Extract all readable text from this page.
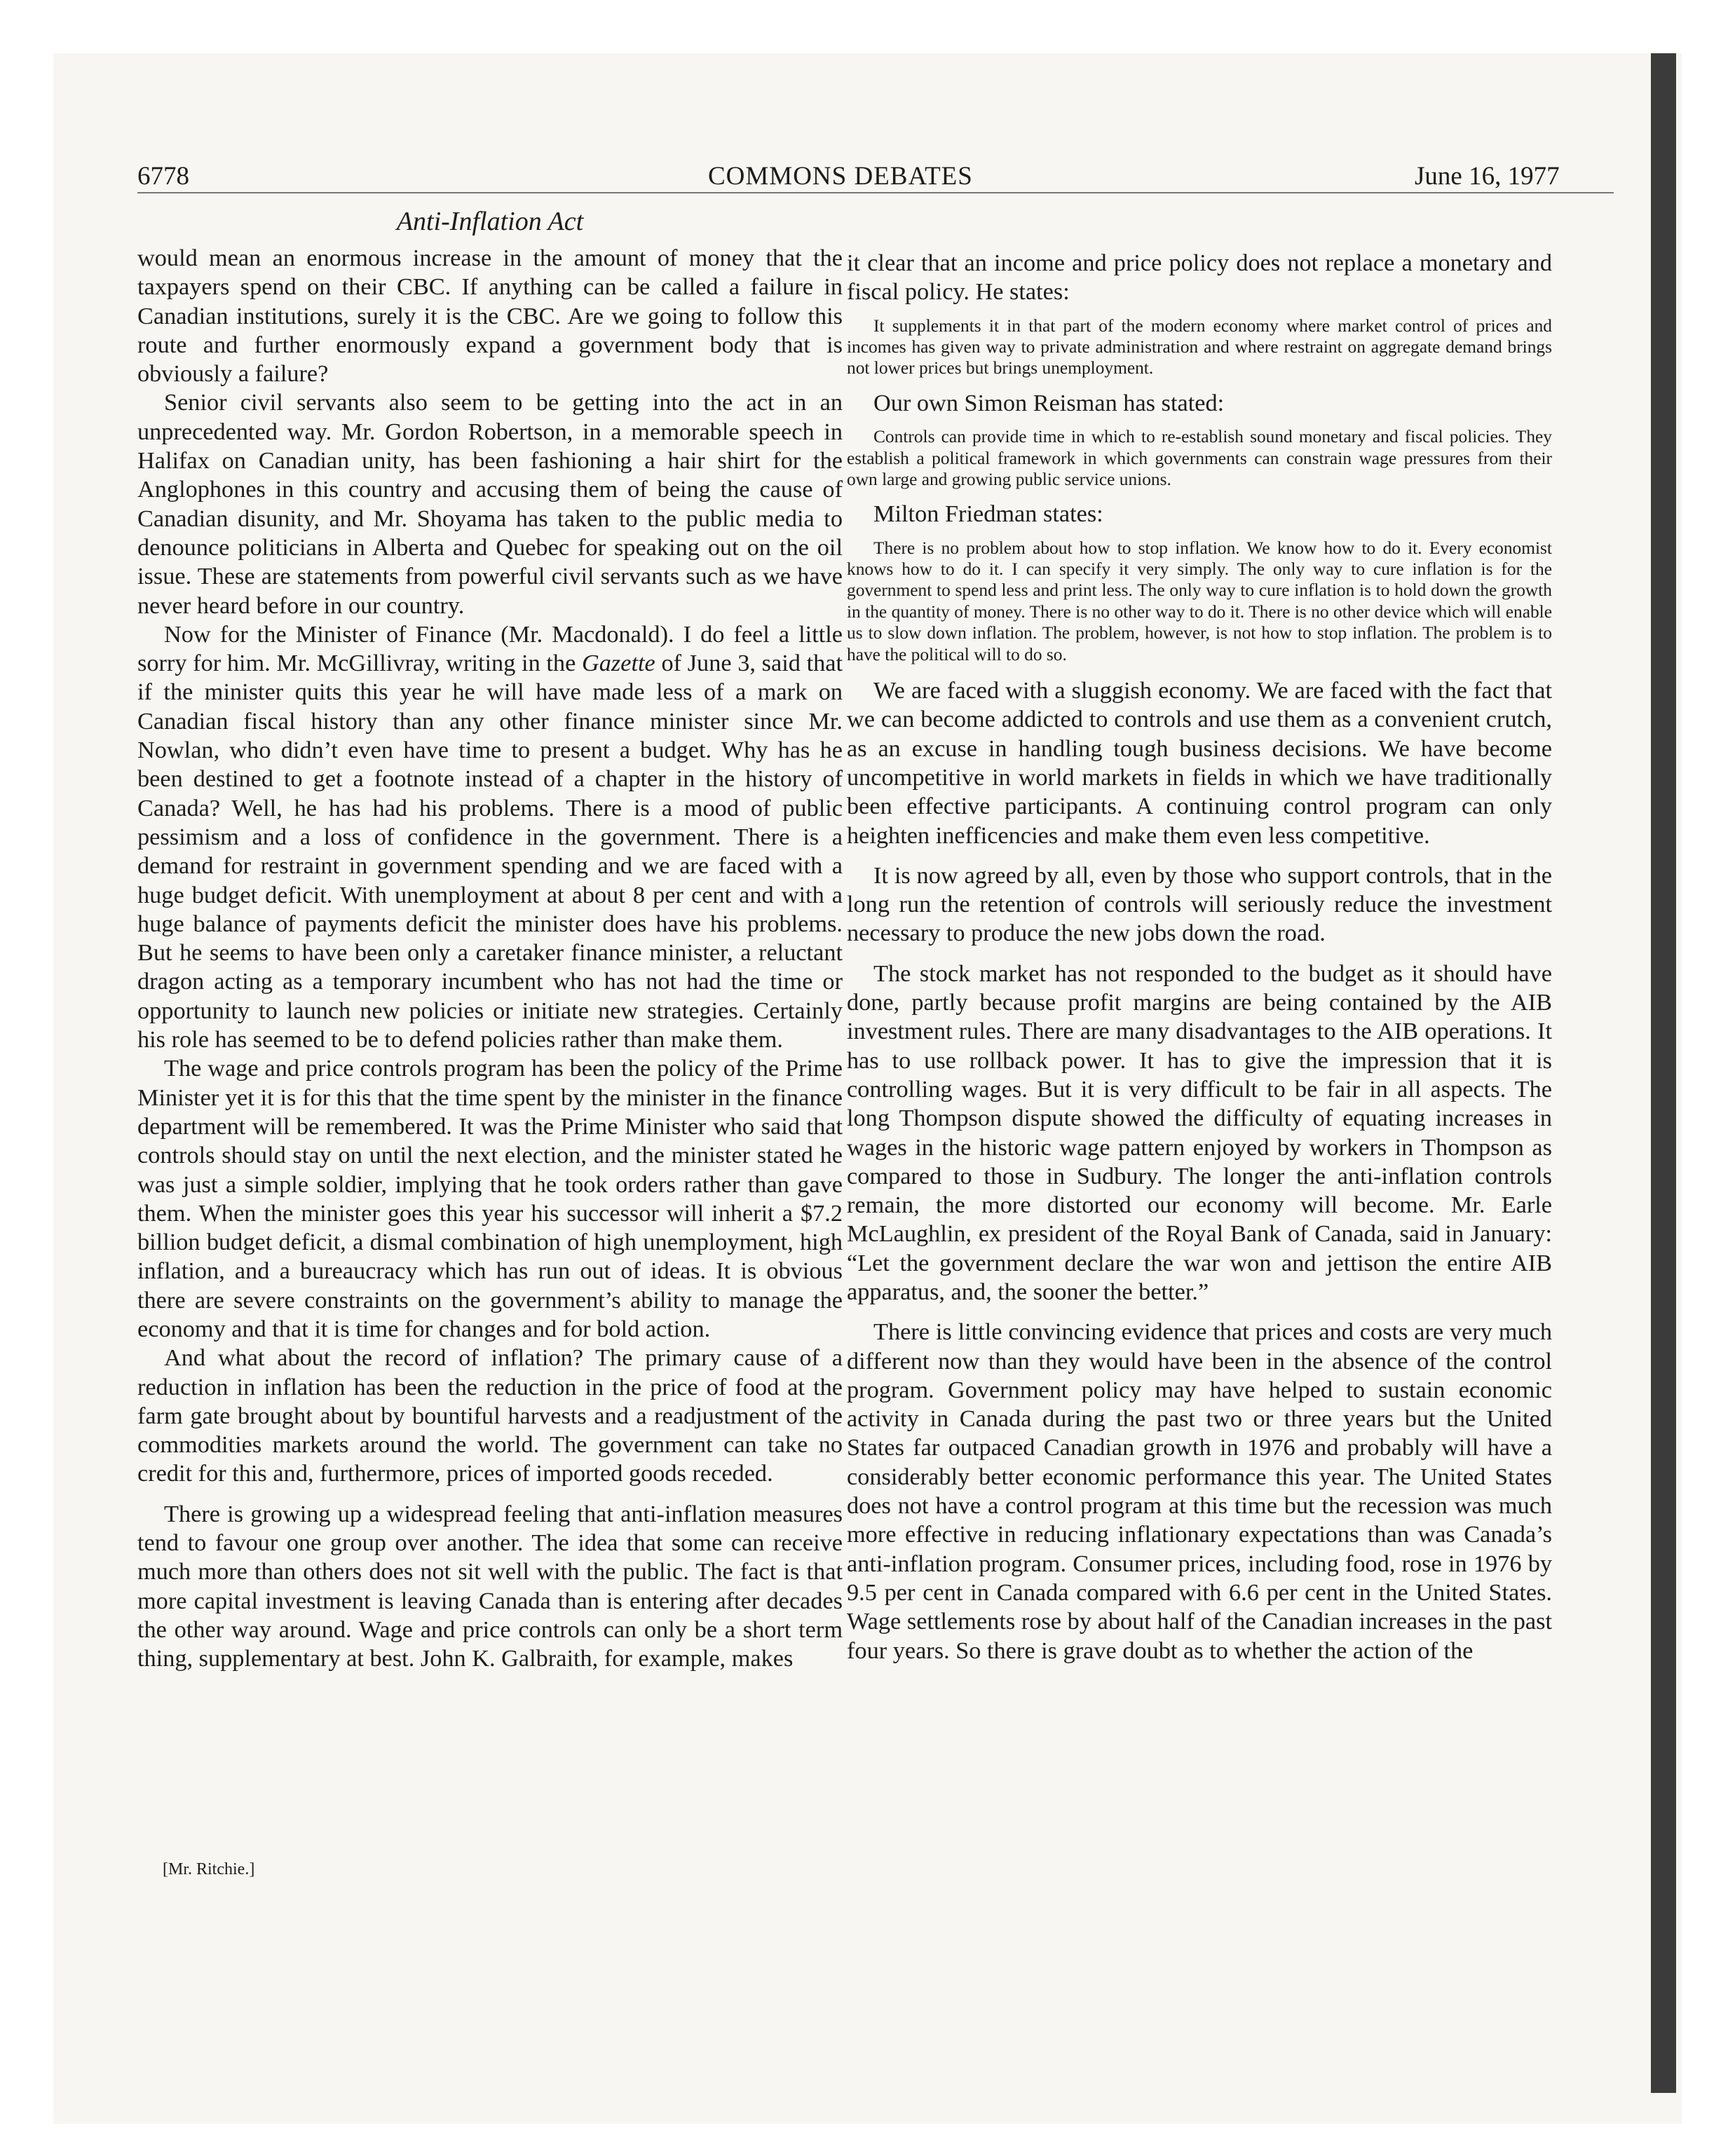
6778	COMMONS DEBATES	June 16, 1977
Anti-Inflation Act

would mean an enormous increase in the amount of money that the taxpayers spend on their CBC. If anything can be called a failure in Canadian institutions, surely it is the CBC. Are we going to follow this route and further enormously expand a government body that is obviously a failure?

Senior civil servants also seem to be getting into the act in an unprecedented way. Mr. Gordon Robertson, in a memorable speech in Halifax on Canadian unity, has been fashioning a hair shirt for the Anglophones in this country and accusing them of being the cause of Canadian disunity, and Mr. Shoyama has taken to the public media to denounce politicians in Alberta and Quebec for speaking out on the oil issue. These are statements from powerful civil servants such as we have never heard before in our country.

Now for the Minister of Finance (Mr. Macdonald). I do feel a little sorry for him. Mr. McGillivray, writing in the Gazette of June 3, said that if the minister quits this year he will have made less of a mark on Canadian fiscal history than any other finance minister since Mr. Nowlan, who didn’t even have time to present a budget. Why has he been destined to get a footnote instead of a chapter in the history of Canada? Well, he has had his problems. There is a mood of public pessimism and a loss of confidence in the government. There is a demand for restraint in government spending and we are faced with a huge budget deficit. With unemployment at about 8 per cent and with a huge balance of payments deficit the minister does have his problems. But he seems to have been only a caretaker finance minister, a reluctant dragon acting as a temporary incumbent who has not had the time or opportunity to launch new policies or initiate new strategies. Certainly his role has seemed to be to defend policies rather than make them.

The wage and price controls program has been the policy of the Prime Minister yet it is for this that the time spent by the minister in the finance department will be remembered. It was the Prime Minister who said that controls should stay on until the next election, and the minister stated he was just a simple soldier, implying that he took orders rather than gave them. When the minister goes this year his successor will inherit a $7.2 billion budget deficit, a dismal combination of high unemployment, high inflation, and a bureaucracy which has run out of ideas. It is obvious there are severe constraints on the government’s ability to manage the economy and that it is time for changes and for bold action.

And what about the record of inflation? The primary cause of a reduction in inflation has been the reduction in the price of food at the farm gate brought about by bountiful harvests and a readjustment of the commodities markets around the world. The government can take no credit for this and, furthermore, prices of imported goods receded.

There is growing up a widespread feeling that anti-inflation measures tend to favour one group over another. The idea that some can receive much more than others does not sit well with the public. The fact is that more capital investment is leaving Canada than is entering after decades the other way around. Wage and price controls can only be a short term thing, supplementary at best. John K. Galbraith, for example, makes

[Mr. Ritchie.]

it clear that an income and price policy does not replace a monetary and fiscal policy. He states:

It supplements it in that part of the modern economy where market control of prices and incomes has given way to private administration and where restraint on aggregate demand brings not lower prices but brings unemployment.

Our own Simon Reisman has stated:

Controls can provide time in which to re-establish sound monetary and fiscal policies. They establish a political framework in which governments can constrain wage pressures from their own large and growing public service unions.

Milton Friedman states:

There is no problem about how to stop inflation. We know how to do it. Every economist knows how to do it. I can specify it very simply. The only way to cure inflation is for the government to spend less and print less. The only way to cure inflation is to hold down the growth in the quantity of money. There is no other way to do it. There is no other device which will enable us to slow down inflation. The problem, however, is not how to stop inflation. The problem is to have the political will to do so.

We are faced with a sluggish economy. We are faced with the fact that we can become addicted to controls and use them as a convenient crutch, as an excuse in handling tough business decisions. We have become uncompetitive in world markets in fields in which we have traditionally been effective participants. A continuing control program can only heighten inefficencies and make them even less competitive.

It is now agreed by all, even by those who support controls, that in the long run the retention of controls will seriously reduce the investment necessary to produce the new jobs down the road.

The stock market has not responded to the budget as it should have done, partly because profit margins are being contained by the AIB investment rules. There are many disadvantages to the AIB operations. It has to use rollback power. It has to give the impression that it is controlling wages. But it is very difficult to be fair in all aspects. The long Thompson dispute showed the difficulty of equating increases in wages in the historic wage pattern enjoyed by workers in Thompson as compared to those in Sudbury. The longer the anti-inflation controls remain, the more distorted our economy will become. Mr. Earle McLaughlin, ex president of the Royal Bank of Canada, said in January: “Let the government declare the war won and jettison the entire AIB apparatus, and, the sooner the better.”

There is little convincing evidence that prices and costs are very much different now than they would have been in the absence of the control program. Government policy may have helped to sustain economic activity in Canada during the past two or three years but the United States far outpaced Canadian growth in 1976 and probably will have a considerably better economic performance this year. The United States does not have a control program at this time but the recession was much more effective in reducing inflationary expectations than was Canada’s anti-inflation program. Consumer prices, including food, rose in 1976 by 9.5 per cent in Canada compared with 6.6 per cent in the United States. Wage settlements rose by about half of the Canadian increases in the past four years. So there is grave doubt as to whether the action of the
